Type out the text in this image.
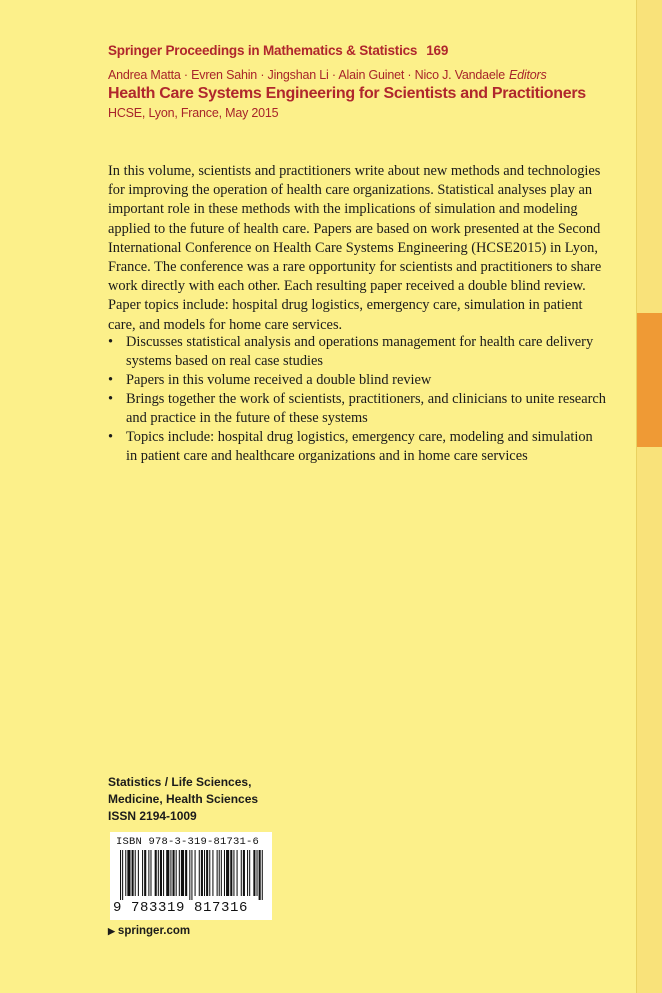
Springer Proceedings in Mathematics & Statistics 169
Andrea Matta · Evren Sahin · Jingshan Li · Alain Guinet · Nico J. Vandaele Editors
Health Care Systems Engineering for Scientists and Practitioners
HCSE, Lyon, France, May 2015

In this volume, scientists and practitioners write about new methods and technologies for improving the operation of health care organizations. Statistical analyses play an important role in these methods with the implications of simulation and modeling applied to the future of health care. Papers are based on work presented at the Second International Conference on Health Care Systems Engineering (HCSE2015) in Lyon, France. The conference was a rare opportunity for scientists and practitioners to share work directly with each other. Each resulting paper received a double blind review. Paper topics include: hospital drug logistics, emergency care, simulation in patient care, and models for home care services.

• Discusses statistical analysis and operations management for health care delivery systems based on real case studies
• Papers in this volume received a double blind review
• Brings together the work of scientists, practitioners, and clinicians to unite research and practice in the future of these systems
• Topics include: hospital drug logistics, emergency care, modeling and simulation in patient care and healthcare organizations and in home care services
Statistics / Life Sciences,
Medicine, Health Sciences
ISSN 2194-1009
ISBN 978-3-319-81731-6
9 783319 817316
▶ springer.com
